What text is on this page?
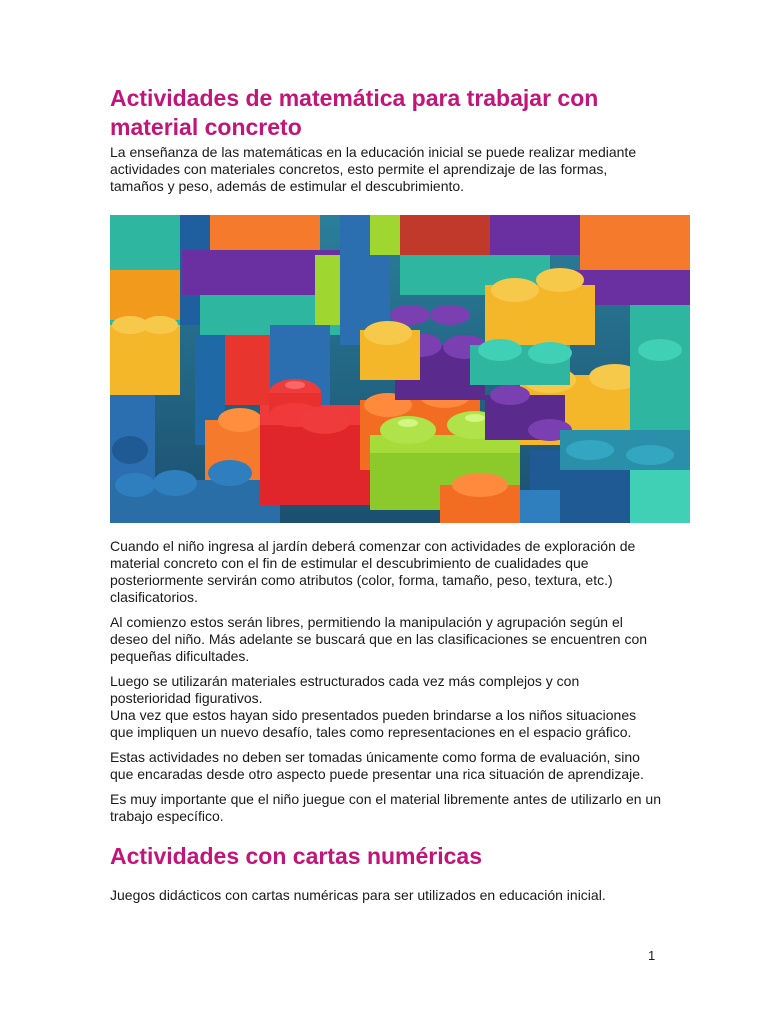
Actividades de matemática para trabajar con material concreto

La enseñanza de las matemáticas en la educación inicial se puede realizar mediante actividades con materiales concretos, esto permite el aprendizaje de las formas, tamaños y peso, además de estimular el descubrimiento.

Cuando el niño ingresa al jardín deberá comenzar con actividades de exploración de material concreto con el fin de estimular el descubrimiento de cualidades que posteriormente servirán como atributos (color, forma, tamaño, peso, textura, etc.) clasificatorios.

Al comienzo estos serán libres, permitiendo la manipulación y agrupación según el deseo del niño. Más adelante se buscará que en las clasificaciones se encuentren con pequeñas dificultades.

Luego se utilizarán materiales estructurados cada vez más complejos y con posterioridad figurativos.

Una vez que estos hayan sido presentados pueden brindarse a los niños situaciones que impliquen un nuevo desafío, tales como representaciones en el espacio gráfico.

Estas actividades no deben ser tomadas únicamente como forma de evaluación, sino que encaradas desde otro aspecto puede presentar una rica situación de aprendizaje.

Es muy importante que el niño juegue con el material libremente antes de utilizarlo en un trabajo específico.

Actividades con cartas numéricas

Juegos didácticos con cartas numéricas para ser utilizados en educación inicial.

1
